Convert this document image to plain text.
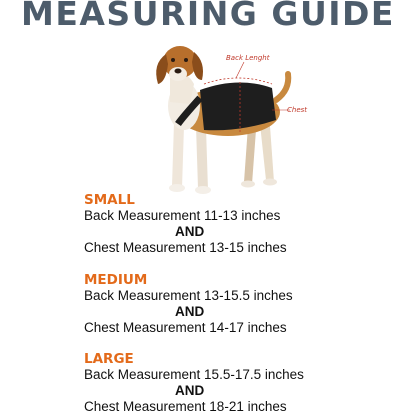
MEASURING GUIDE
Back Lenght
Chest
SMALL
Back Measurement 11-13 inches
AND
Chest Measurement 13-15 inches
MEDIUM
Back Measurement 13-15.5 inches
AND
Chest Measurement 14-17 inches
LARGE
Back Measurement 15.5-17.5 inches
AND
Chest Measurement 18-21 inches
